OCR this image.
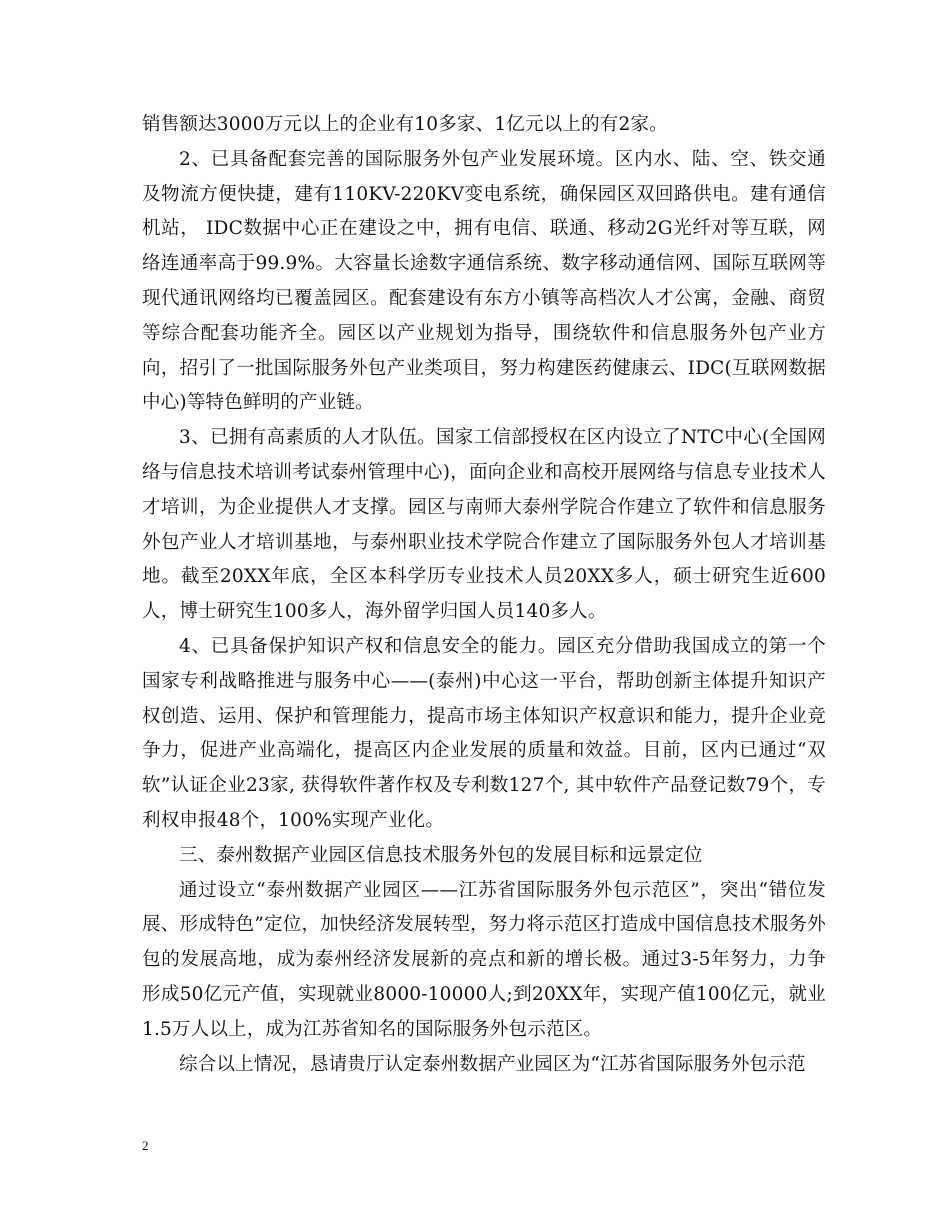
销售额达3000万元以上的企业有10多家、1亿元以上的有2家。

2、已具备配套完善的国际服务外包产业发展环境。区内水、陆、空、铁交通及物流方便快捷，建有110KV-220KV变电系统，确保园区双回路供电。建有通信机站， IDC数据中心正在建设之中，拥有电信、联通、移动2G光纤对等互联，网络连通率高于99.9%。大容量长途数字通信系统、数字移动通信网、国际互联网等现代通讯网络均已覆盖园区。配套建设有东方小镇等高档次人才公寓，金融、商贸等综合配套功能齐全。园区以产业规划为指导，围绕软件和信息服务外包产业方向，招引了一批国际服务外包产业类项目，努力构建医药健康云、IDC(互联网数据中心)等特色鲜明的产业链。

3、已拥有高素质的人才队伍。国家工信部授权在区内设立了NTC中心(全国网络与信息技术培训考试泰州管理中心)，面向企业和高校开展网络与信息专业技术人才培训，为企业提供人才支撑。园区与南师大泰州学院合作建立了软件和信息服务外包产业人才培训基地，与泰州职业技术学院合作建立了国际服务外包人才培训基地。截至20XX年底，全区本科学历专业技术人员20XX多人，硕士研究生近600人，博士研究生100多人，海外留学归国人员140多人。

4、已具备保护知识产权和信息安全的能力。园区充分借助我国成立的第一个国家专利战略推进与服务中心——(泰州)中心这一平台，帮助创新主体提升知识产权创造、运用、保护和管理能力，提高市场主体知识产权意识和能力，提升企业竞争力，促进产业高端化，提高区内企业发展的质量和效益。目前，区内已通过“双软”认证企业23家, 获得软件著作权及专利数127个, 其中软件产品登记数79个，专利权申报48个，100%实现产业化。

三、泰州数据产业园区信息技术服务外包的发展目标和远景定位

通过设立“泰州数据产业园区——江苏省国际服务外包示范区”，突出“错位发展、形成特色”定位，加快经济发展转型，努力将示范区打造成中国信息技术服务外包的发展高地，成为泰州经济发展新的亮点和新的增长极。通过3-5年努力，力争形成50亿元产值，实现就业8000-10000人;到20XX年，实现产值100亿元，就业1.5万人以上，成为江苏省知名的国际服务外包示范区。

综合以上情况，恳请贵厅认定泰州数据产业园区为“江苏省国际服务外包示范

2
